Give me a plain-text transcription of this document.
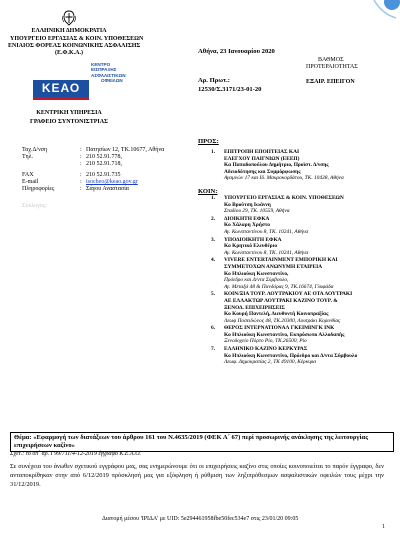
ΕΛΛΗΝΙΚΗ ΔΗΜΟΚΡΑΤΙΑ
ΥΠΟΥΡΓΕΙΟ ΕΡΓΑΣΙΑΣ & ΚΟΙΝ. ΥΠΟΘΕΣΕΩΝ
ΕΝΙΑΙΟΣ ΦΟΡΕΑΣ ΚΟΙΝΩΝΙΚΗΣ ΑΣΦΑΛΙΣΗΣ
(Ε.Φ.Κ.Α.)
ΚΕΑΟ
ΚΕΝΤΡΟ
ΕΙΣΠΡΑΞΗΣ
ΑΣΦΑΛΙΣΤΙΚΩΝ
ΟΦΕΙΛΩΝ
ΚΕΝΤΡΙΚΗ ΥΠΗΡΕΣΙΑ
ΓΡΑΦΕΙΟ ΣΥΝΤΟΝΙΣΤΡΙΑΣ
Αθήνα, 23 Ιανουαρίου 2020
ΒΑΘΜΟΣ
ΠΡΟΤΕΡΑΙΟΤΗΤΑΣ
ΕΞΑΙΡ. ΕΠΕΙΓΟΝ
Αρ. Πρωτ.:
12530/Σ.3171/23-01-20
Ταχ.Δ/νση	: Πατησίων 12, ΤΚ.10677, Αθήνα
Τηλ.	: 210 52.91.778,
: 210 52.91.718,
FAX	: 210 52.91.735
E-mail	: isocheo@keao.gov.gr
Πληροφορίες	: Σάγου Αναστασία
Σύλλογος:
ΠΡΟΣ:
ΚΟΙΝ:
1. ΕΠΙΤΡΟΠΗ ΕΠΟΠΤΕΙΑΣ ΚΑΙ
ΕΛΕΓΧΟΥ ΠΑΙΓΝΙΩΝ (ΕΕΕΠ)
Κα Παπαδοπούλου Δημήτριο, Προϊστ. Δ/νσης
Αδειοδότησης και Συμμόρφωσης
Αγαμνών 17 και Ιδ. Μαυροκορδάτου, ΤΚ. 10438, Αθήνα
1. ΥΠΟΥΡΓΕΙΟ ΕΡΓΑΣΙΑΣ & ΚΟΙΝ. ΥΠΟΘΕΣΕΩΝ
Κο Βρούτση Ιωάννη
Σταδίου 29, ΤΚ. 10559, Αθήνα
2. ΔΙΟΙΚΗΤΗ ΕΦΚΑ
Κο Χάλαρη Χρήστο
Αγ. Κωνσταντίνου 8, ΤΚ. 10241, Αθήνα
3. ΥΠΟΔΙΟΙΚΗΤΗ ΕΦΚΑ
Κο Κρητικό Ελευθέριο
Αγ. Κωνσταντίνου 8, ΤΚ. 10241, Αθήνα
4. VIVERE ENTERTAINMENT ΕΜΠΟΡΙΚΗ ΚΑΙ
ΣΥΜΜΕΤΟΧΩΝ ΑΝΩΝΥΜΗ ΕΤΑΙΡΕΙΑ
Κο Ηπλιούκη Κωνσταντίνο,
Πρόεδρο και Δ/ντα Σύμβουλο,
Αγ. Μεταξά 48 & Πανδόρας 9, ΤΚ.16674, Γλυφάδα
5. ΚΟΙΝ/ΞΙΑ ΤΟΥΡ. ΛΟΥΤΡΑΚΙΟΥ ΑΕ ΟΤΑ ΛΟΥΤΡΑΚΙ
ΑΕ ΕΛΛΑΚΤΩΡ ΛΟΥΤΡΑΚΙ ΚΑΖΙΝΟ ΤΟΥΡ. &
ΞΕΝΟΔ. ΕΠΙΧΕΙΡΗΣΕΙΣ
Κο Κουρή Παντελή, Διευθυντή Κοινοπραξίας
Λεωφ Ποσειδώνος 48, ΤΚ.20300, Λουτράκι Κορινθίας
6. ΘΕΡΟΣ ΙΝΤΕΡΝΑΤΙΟΝΑΛ ΓΚΕΙΜΙΝΓΚ ΙΝΚ
Κο Ηπλιούκη Κωνσταντίνο, Εκπρόσωπο Αλλοδαπής
Ξενοδοχείο Πόρτο Ρίο, ΤΚ.26500, Ρίο
7. ΕΛΛΗΝΙΚΟ ΚΑΖΙΝΟ ΚΕΡΚΥΡΑΣ
Κο Ηπλιούκη Κωνσταντίνο, Πρόεδρο και Δ/ντα Σύμβουλο
Λεωφ. Δημοκρατίας 2, ΤΚ 49100, Κέρκυρα
Θέμα: «Εφαρμογή των διατάξεων του άρθρου 161 του Ν.4635/2019 (ΦΕΚ Α΄ 67) περί προσωρινής ανάκλησης της λειτουργίας επιχειρήσεων καζίνο»
Σχετ.: το υπ΄ αρ. Γ99/711/4-12-2019 έγγραφο Κ.Ε.Α.Ο.
Σε συνέχεια του άνωθεν σχετικού εγγράφου μας, σας ενημερώνουμε ότι οι επιχειρήσεις καζίνο στις οποίες κοινοποιείται το παρόν έγγραφο, δεν ανταποκρίθηκαν στην από 6/12/2019 πρόσκλησή μας για εξόφληση ή ρύθμιση των ληξιπρόθεσμων ασφαλιστικών οφειλών τους μέχρι την 31/12/2019.
Διανομή μέσου 'ΙΡΙΔΑ' με UID: 5e294461958fbe50fec534e7 στις 23/01/20 09:05
1
